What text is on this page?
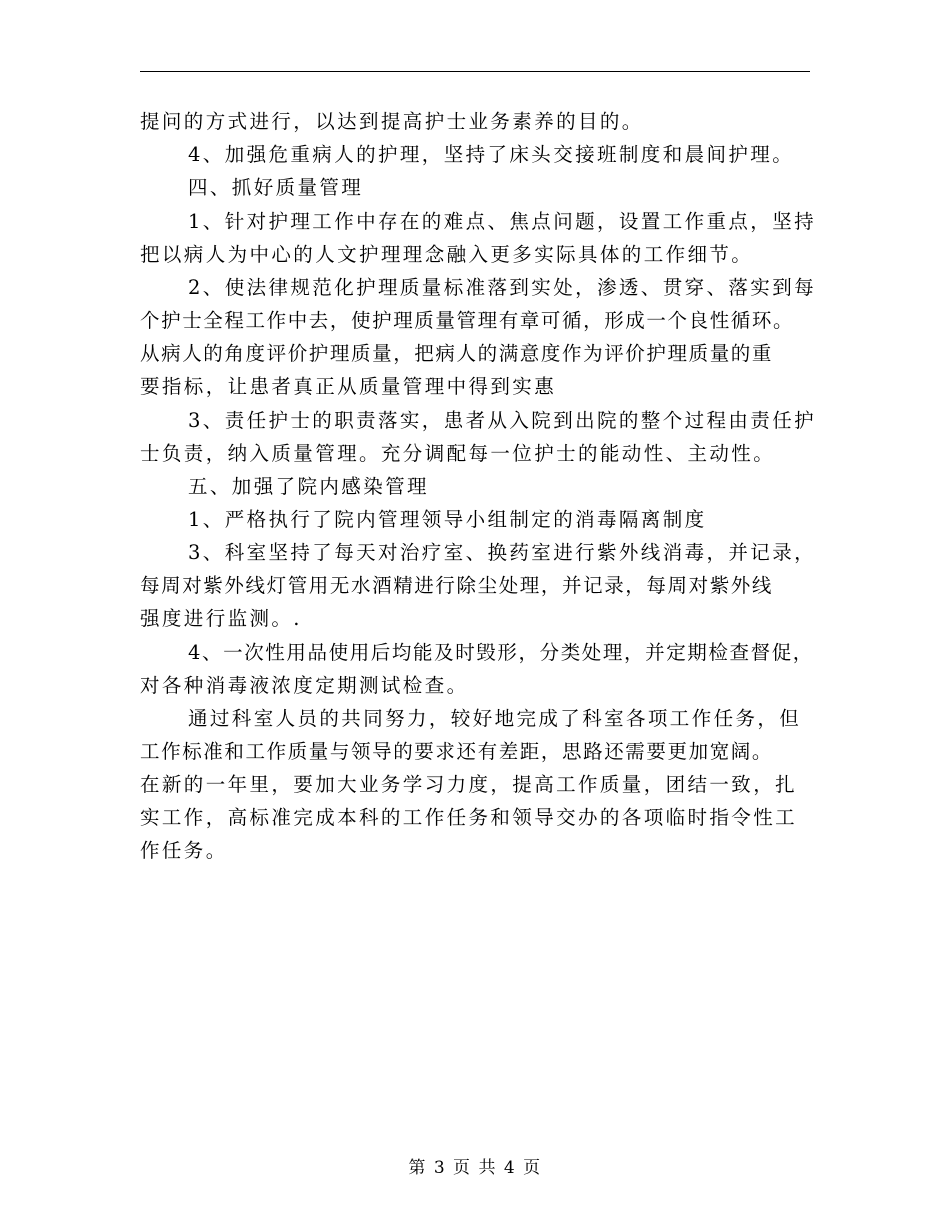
提问的方式进行，以达到提高护士业务素养的目的。
4、加强危重病人的护理，坚持了床头交接班制度和晨间护理。
四、抓好质量管理
1、针对护理工作中存在的难点、焦点问题，设置工作重点，坚持
把以病人为中心的人文护理理念融入更多实际具体的工作细节。
2、使法律规范化护理质量标准落到实处，渗透、贯穿、落实到每
个护士全程工作中去，使护理质量管理有章可循，形成一个良性循环。
从病人的角度评价护理质量，把病人的满意度作为评价护理质量的重
要指标，让患者真正从质量管理中得到实惠
3、责任护士的职责落实，患者从入院到出院的整个过程由责任护
士负责，纳入质量管理。充分调配每一位护士的能动性、主动性。
五、加强了院内感染管理
1、严格执行了院内管理领导小组制定的消毒隔离制度
3、科室坚持了每天对治疗室、换药室进行紫外线消毒，并记录，
每周对紫外线灯管用无水酒精进行除尘处理，并记录，每周对紫外线
强度进行监测。.
4、一次性用品使用后均能及时毁形，分类处理，并定期检查督促，
对各种消毒液浓度定期测试检查。
通过科室人员的共同努力，较好地完成了科室各项工作任务，但
工作标准和工作质量与领导的要求还有差距，思路还需要更加宽阔。
在新的一年里，要加大业务学习力度，提高工作质量，团结一致，扎
实工作，高标准完成本科的工作任务和领导交办的各项临时指令性工
作任务。
第 3 页 共 4 页
